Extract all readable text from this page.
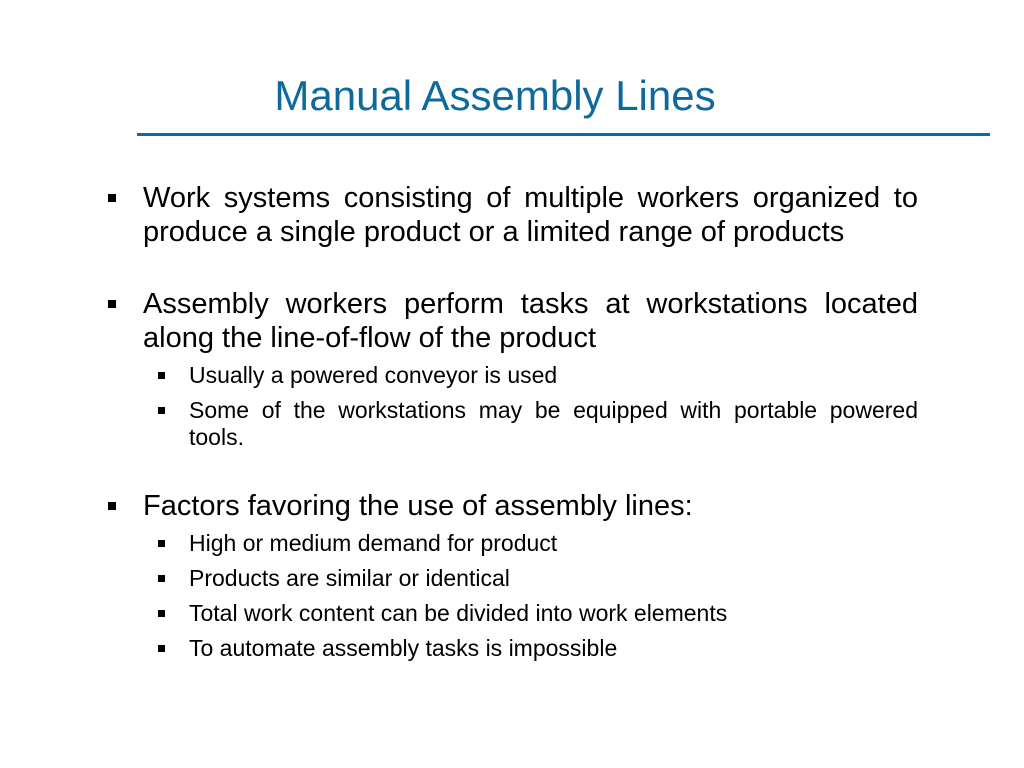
Manual Assembly Lines
Work systems consisting of multiple workers organized to produce a single product or a limited range of products
Assembly workers perform tasks at workstations located along the line-of-flow of the product
Usually a powered conveyor is used
Some of the workstations may be equipped with portable powered tools.
Factors favoring the use of assembly lines:
High or medium demand for product
Products are similar or identical
Total work content can be divided into work elements
To automate assembly tasks is impossible
